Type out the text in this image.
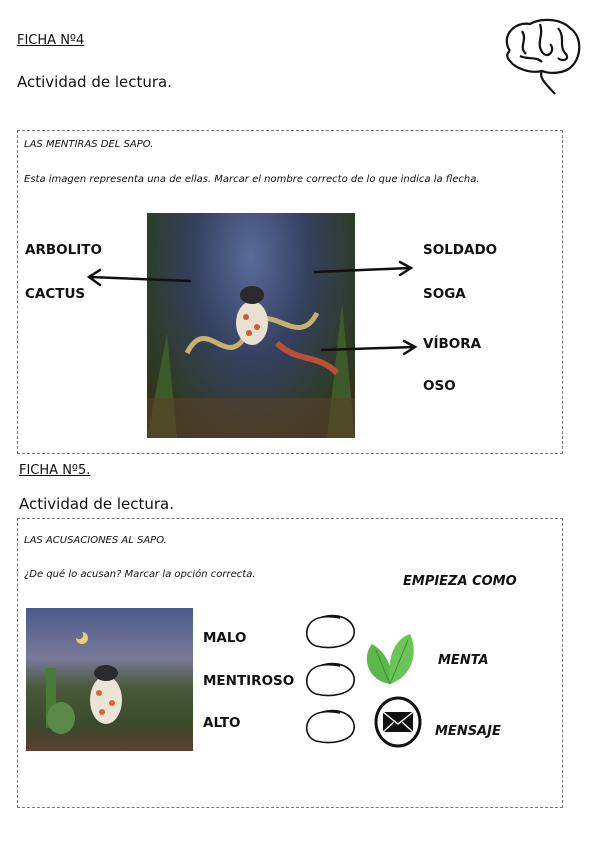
FICHA Nº4
Actividad de lectura.
LAS MENTIRAS DEL SAPO.
Esta imagen representa una de ellas. Marcar el nombre correcto de lo que indica la flecha.
ARBOLITO
CACTUS
SOLDADO
SOGA
VÍBORA
OSO
FICHA Nº5.
Actividad de lectura.
LAS ACUSACIONES AL SAPO.
¿De qué lo acusan? Marcar la opción correcta.	EMPIEZA COMO
MALO
MENTIROSO
ALTO
MENTA
MENSAJE
